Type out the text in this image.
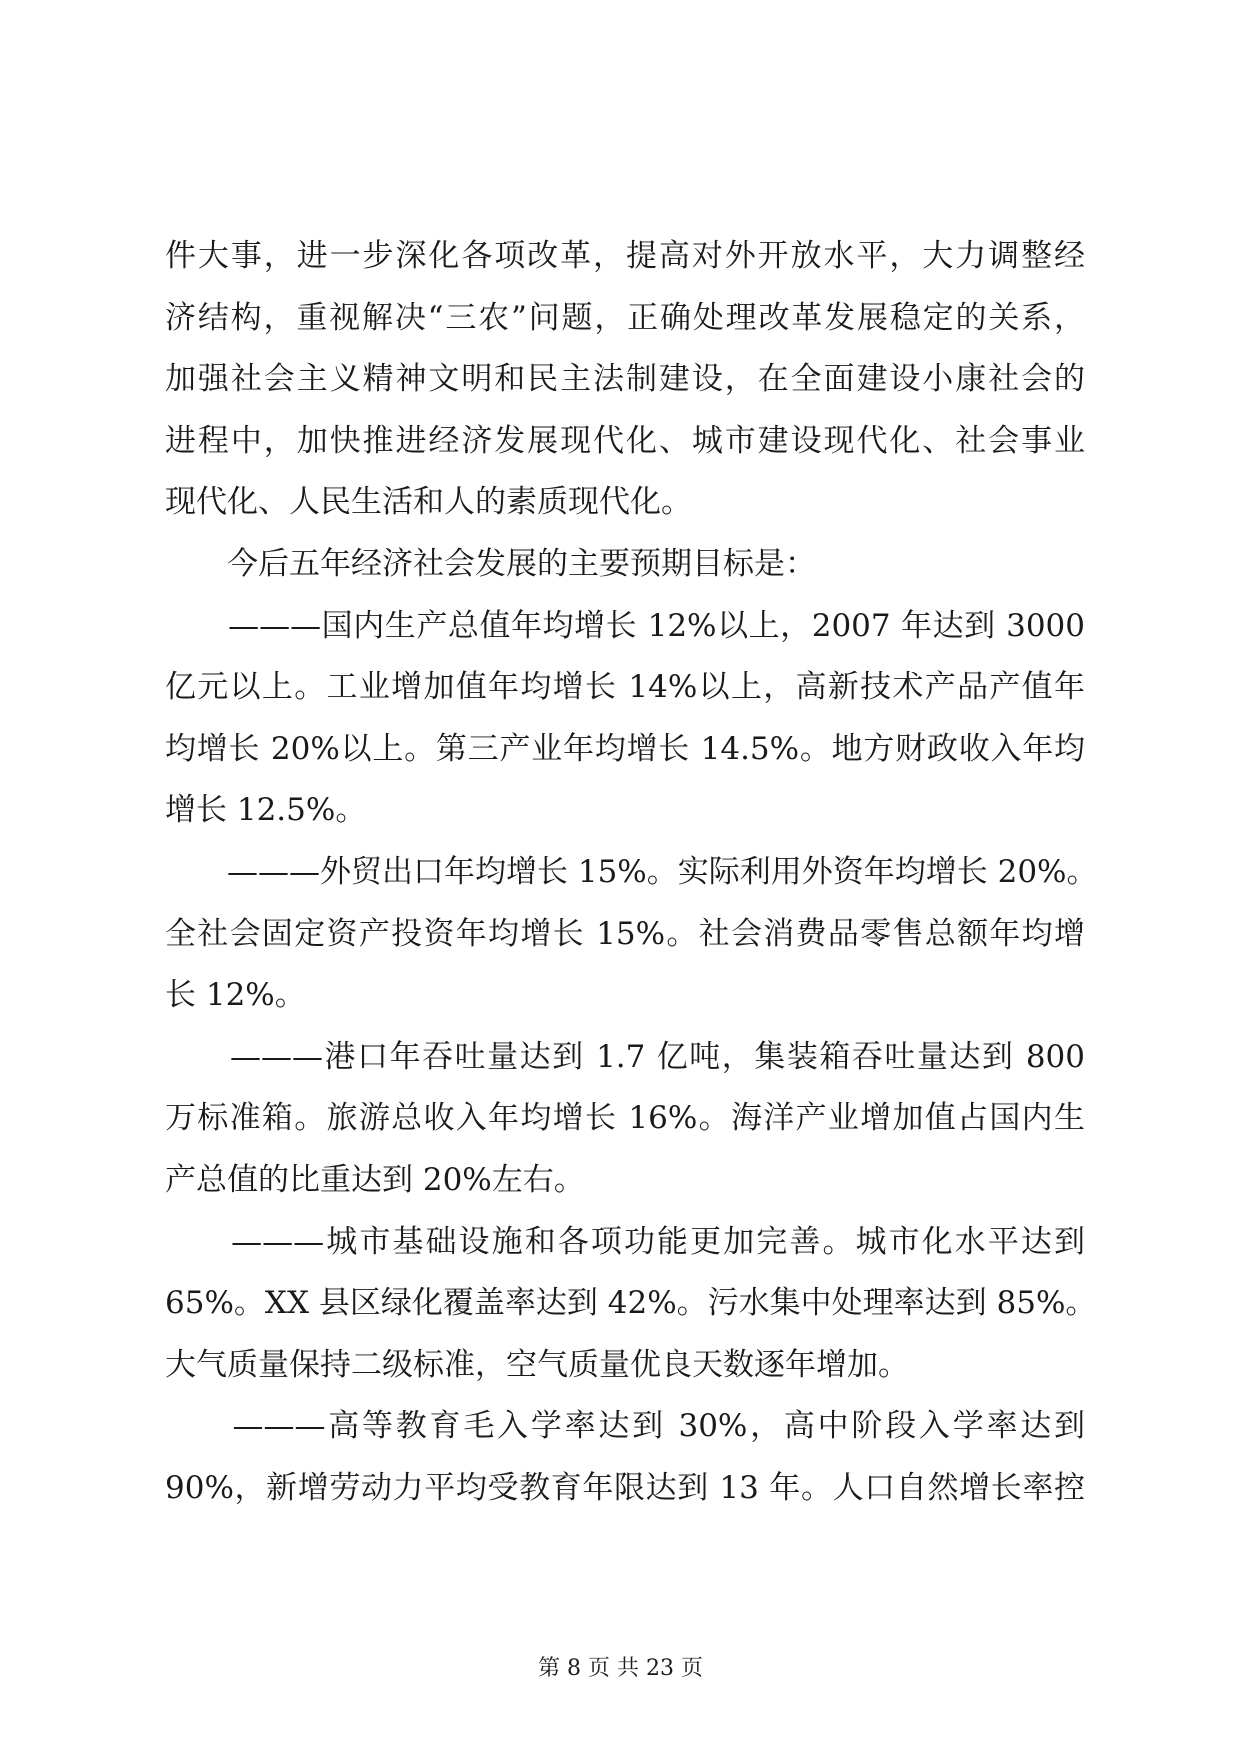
件大事，进一步深化各项改革，提高对外开放水平，大力调整经
济结构，重视解决“三农”问题，正确处理改革发展稳定的关系，
加强社会主义精神文明和民主法制建设，在全面建设小康社会的
进程中，加快推进经济发展现代化、城市建设现代化、社会事业
现代化、人民生活和人的素质现代化。
　　今后五年经济社会发展的主要预期目标是：
　　———国内生产总值年均增长 12%以上，2007 年达到 3000
亿元以上。工业增加值年均增长 14%以上，高新技术产品产值年
均增长 20%以上。第三产业年均增长 14.5%。地方财政收入年均
增长 12.5%。
　　———外贸出口年均增长 15%。实际利用外资年均增长 20%。
全社会固定资产投资年均增长 15%。社会消费品零售总额年均增
长 12%。
　　———港口年吞吐量达到 1.7 亿吨，集装箱吞吐量达到 800
万标准箱。旅游总收入年均增长 16%。海洋产业增加值占国内生
产总值的比重达到 20%左右。
　　———城市基础设施和各项功能更加完善。城市化水平达到
65%。XX 县区绿化覆盖率达到 42%。污水集中处理率达到 85%。
大气质量保持二级标准，空气质量优良天数逐年增加。
　　———高等教育毛入学率达到 30%，高中阶段入学率达到
90%，新增劳动力平均受教育年限达到 13 年。人口自然增长率控
第 8 页 共 23 页
